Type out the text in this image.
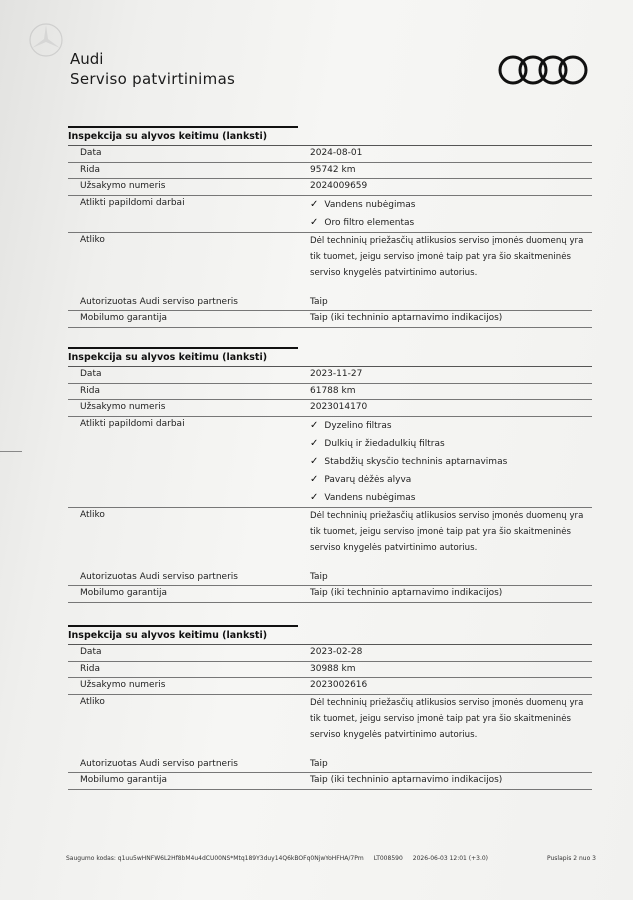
Audi
Serviso patvirtinimas
Inspekcija su alyvos keitimu (lanksti)
Data	2024-08-01
Rida	95742 km
Užsakymo numeris	2024009659
Atlikti papildomi darbai	✓ Vandens nubėgimas
✓ Oro filtro elementas
Atliko	Dėl techninių priežasčių atlikusios serviso įmonės duomenų yra tik tuomet, jeigu serviso įmonė taip pat yra šio skaitmeninės serviso knygelės patvirtinimo autorius.
Autorizuotas Audi serviso partneris	Taip
Mobilumo garantija	Taip (iki techninio aptarnavimo indikacijos)
Inspekcija su alyvos keitimu (lanksti)
Data	2023-11-27
Rida	61788 km
Užsakymo numeris	2023014170
Atlikti papildomi darbai	✓ Dyzelino filtras
✓ Dulkių ir žiedadulkių filtras
✓ Stabdžių skysčio techninis aptarnavimas
✓ Pavarų dėžės alyva
✓ Vandens nubėgimas
Atliko	Dėl techninių priežasčių atlikusios serviso įmonės duomenų yra tik tuomet, jeigu serviso įmonė taip pat yra šio skaitmeninės serviso knygelės patvirtinimo autorius.
Autorizuotas Audi serviso partneris	Taip
Mobilumo garantija	Taip (iki techninio aptarnavimo indikacijos)
Inspekcija su alyvos keitimu (lanksti)
Data	2023-02-28
Rida	30988 km
Užsakymo numeris	2023002616
Atliko	Dėl techninių priežasčių atlikusios serviso įmonės duomenų yra tik tuomet, jeigu serviso įmonė taip pat yra šio skaitmeninės serviso knygelės patvirtinimo autorius.
Autorizuotas Audi serviso partneris	Taip
Mobilumo garantija	Taip (iki techninio aptarnavimo indikacijos)
Saugumo kodas: q1uu5wHNFW6L2Hf8bM4u4dCU00NS*Mtq189Y3duy14Q6kBOFq0NjwYoHFHA/7Pm LT008590 2026-06-03 12:01 (+3.0)	Puslapis 2 nuo 3
